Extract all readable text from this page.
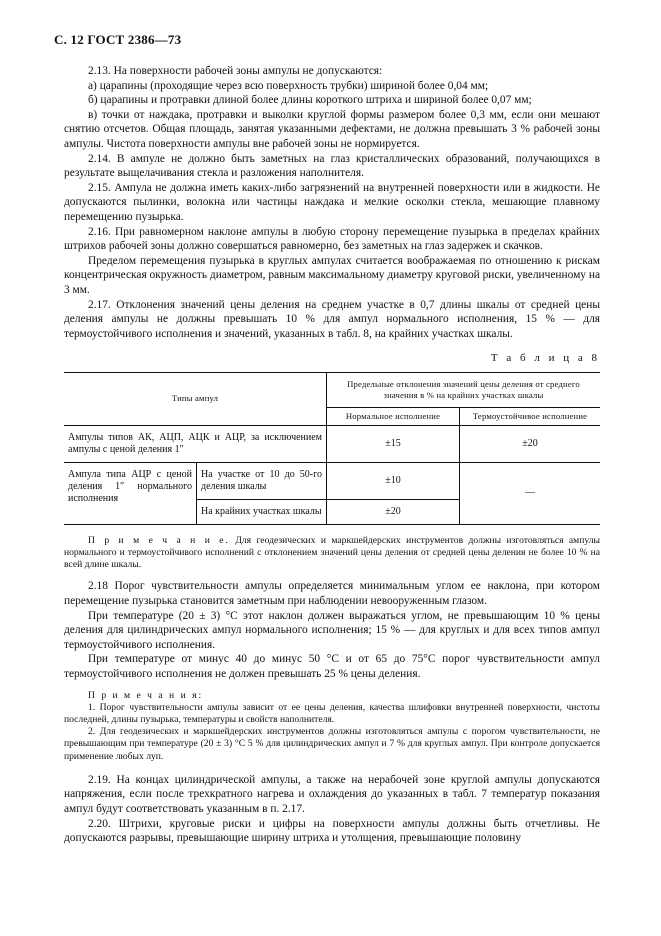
С. 12 ГОСТ 2386—73

2.13. На поверхности рабочей зоны ампулы не допускаются:

а) царапины (проходящие через всю поверхность трубки) шириной более 0,04 мм;

б) царапины и протравки длиной более длины короткого штриха и шириной более 0,07 мм;

в) точки от наждака, протравки и выколки круглой формы размером более 0,3 мм, если они мешают снятию отсчетов. Общая площадь, занятая указанными дефектами, не должна превышать 3 % рабочей зоны ампулы. Чистота поверхности ампулы вне рабочей зоны не нормируется.

2.14. В ампуле не должно быть заметных на глаз кристаллических образований, получающихся в результате выщелачивания стекла и разложения наполнителя.

2.15. Ампула не должна иметь каких-либо загрязнений на внутренней поверхности или в жидкости. Не допускаются пылинки, волокна или частицы наждака и мелкие осколки стекла, мешающие плавному перемещению пузырька.

2.16. При равномерном наклоне ампулы в любую сторону перемещение пузырька в пределах крайних штрихов рабочей зоны должно совершаться равномерно, без заметных на глаз задержек и скачков.

Пределом перемещения пузырька в круглых ампулах считается воображаемая по отношению к рискам концентрическая окружность диаметром, равным максимальному диаметру круговой риски, увеличенному на 3 мм.

2.17. Отклонения значений цены деления на среднем участке в 0,7 длины шкалы от средней цены деления ампулы не должны превышать 10 % для ампул нормального исполнения, 15 % — для термоустойчивого исполнения и значений, указанных в табл. 8, на крайних участках шкалы.

Т а б л и ц а 8
Типы ампул		Предельные отклонения значений цены деления от среднего значения в % на крайних участках шкалы	
		Нормальное исполнение	Термоустойчивое исполнение
Ампулы типов АК, АЦП, АЦК и АЦР, за исключением ампулы с ценой деления 1″		±15	±20
Ампула типа АЦР с ценой деления 1″ нормального исполнения	На участке от 10 до 50-го деления шкалы	±10	—
	На крайних участках шкалы	±20	

П р и м е ч а н и е. Для геодезических и маркшейдерских инструментов должны изготовляться ампулы нормального и термоустойчивого исполнений с отклонением значений цены деления от средней цены деления не более 10 % на всей длине шкалы.

2.18 Порог чувствительности ампулы определяется минимальным углом ее наклона, при котором перемещение пузырька становится заметным при наблюдении невооруженным глазом.

При температуре (20 ± 3) °С этот наклон должен выражаться углом, не превышающим 10 % цены деления для цилиндрических ампул нормального исполнения; 15 % — для круглых и для всех типов ампул термоустойчивого исполнения.

При температуре от минус 40 до минус 50 °С и от 65 до 75°С порог чувствительности ампул термоустойчивого исполнения не должен превышать 25 % цены деления.

П р и м е ч а н и я:

1. Порог чувствительности ампулы зависит от ее цены деления, качества шлифовки внутренней поверхности, чистоты последней, длины пузырька, температуры и свойств наполнителя.

2. Для геодезических и маркшейдерских инструментов должны изготовляться ампулы с порогом чувствительности, не превышающим при температуре (20 ± 3) °С 5 % для цилиндрических ампул и 7 % для круглых ампул. При контроле допускается применение любых луп.

2.19. На концах цилиндрической ампулы, а также на нерабочей зоне круглой ампулы допускаются напряжения, если после трехкратного нагрева и охлаждения до указанных в табл. 7 температур показания ампул будут соответствовать указанным в п. 2.17.

2.20. Штрихи, круговые риски и цифры на поверхности ампулы должны быть отчетливы. Не допускаются разрывы, превышающие ширину штриха и утолщения, превышающие половину
